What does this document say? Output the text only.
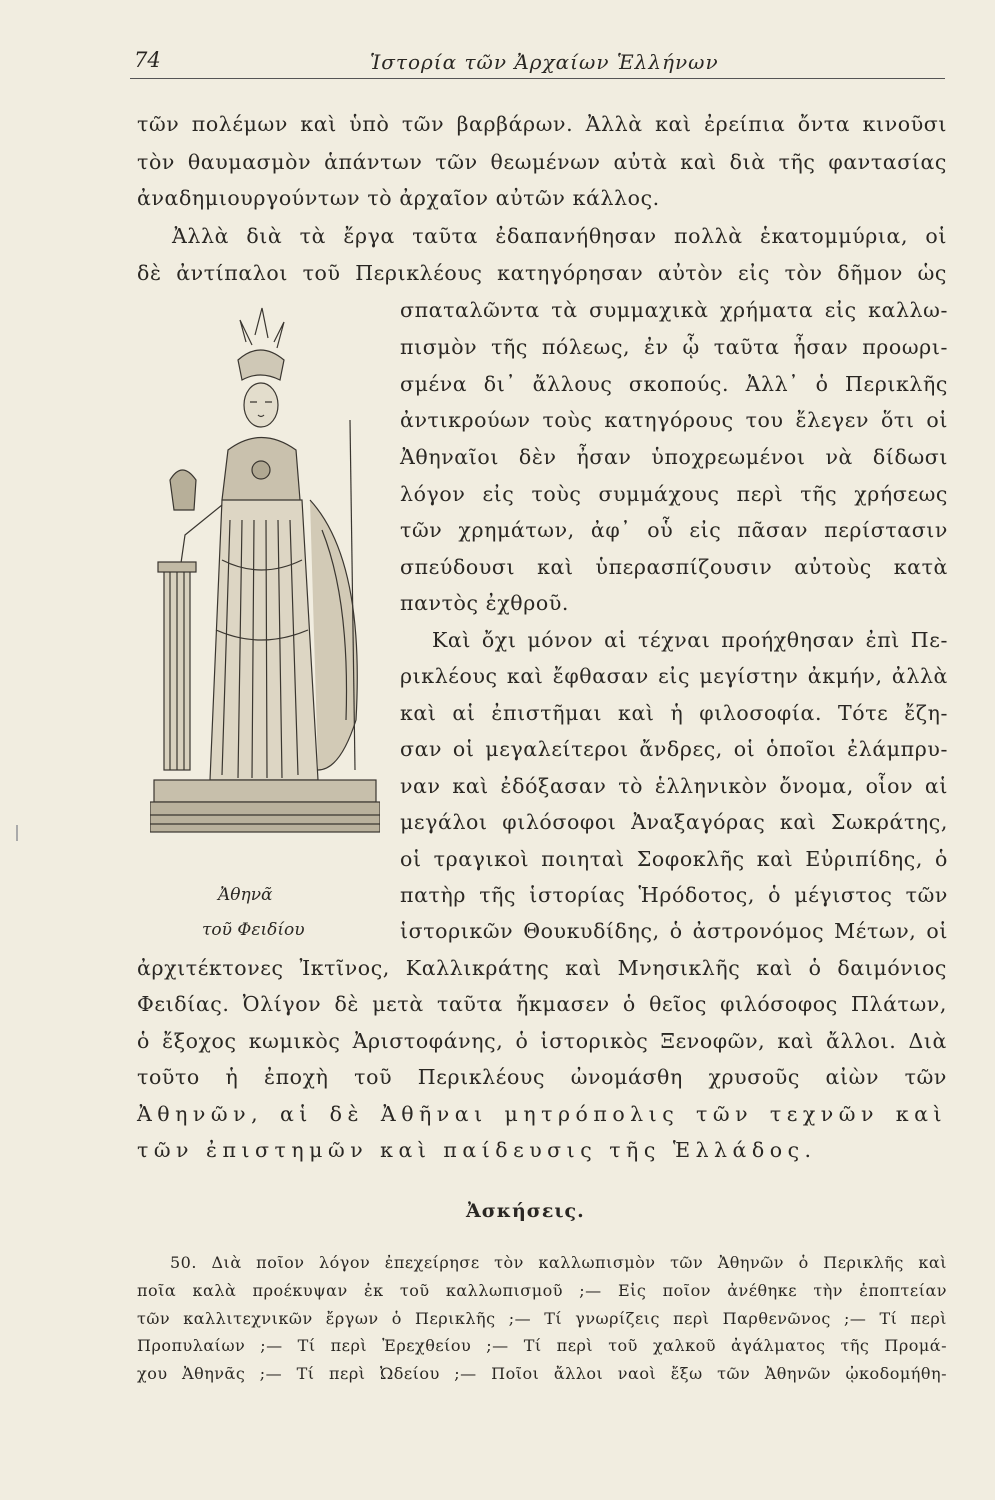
74	Ἱστορία τῶν Ἀρχαίων Ἑλλήνων
τῶν πολέμων καὶ ὑπὸ τῶν βαρβάρων. Ἀλλὰ καὶ ἐρείπια ὄντα κινοῦσι
τὸν θαυμασμὸν ἁπάντων τῶν θεωμένων αὐτὰ καὶ διὰ τῆς φαντασίας
ἀναδημιουργούντων τὸ ἀρχαῖον αὐτῶν κάλλος.
Ἀλλὰ διὰ τὰ ἔργα ταῦτα ἐδαπανήθησαν πολλὰ ἑκατομμύρια, οἱ
δὲ ἀντίπαλοι τοῦ Περικλέους κατηγόρησαν αὐτὸν εἰς τὸν δῆμον ὡς
σπαταλῶντα τὰ συμμαχικὰ χρήματα εἰς καλλω-
πισμὸν τῆς πόλεως, ἐν ᾧ ταῦτα ἦσαν προωρι-
σμένα δι᾿ ἄλλους σκοπούς. Ἀλλ᾿ ὁ Περικλῆς
ἀντικρούων τοὺς κατηγόρους του ἔλεγεν ὅτι οἱ
Ἀθηναῖοι δὲν ἦσαν ὑποχρεωμένοι νὰ δίδωσι
λόγον εἰς τοὺς συμμάχους περὶ τῆς χρήσεως
τῶν χρημάτων, ἀφ᾿ οὗ εἰς πᾶσαν περίστασιν
σπεύδουσι καὶ ὑπερασπίζουσιν αὐτοὺς κατὰ
παντὸς ἐχθροῦ.
Καὶ ὄχι μόνον αἱ τέχναι προήχθησαν ἐπὶ Πε-
ρικλέους καὶ ἔφθασαν εἰς μεγίστην ἀκμήν, ἀλλὰ
καὶ αἱ ἐπιστῆμαι καὶ ἡ φιλοσοφία. Τότε ἔζη-
σαν οἱ μεγαλείτεροι ἄνδρες, οἱ ὁποῖοι ἐλάμπρυ-
ναν καὶ ἐδόξασαν τὸ ἑλληνικὸν ὄνομα, οἷον αἱ
μεγάλοι φιλόσοφοι Ἀναξαγόρας καὶ Σωκράτης,
οἱ τραγικοὶ ποιηταὶ Σοφοκλῆς καὶ Εὐριπίδης, ὁ
πατὴρ τῆς ἱστορίας Ἡρόδοτος, ὁ μέγιστος τῶν
ἱστορικῶν Θουκυδίδης, ὁ ἀστρονόμος Μέτων, οἱ
Ἀθηνᾶ
τοῦ Φειδίου
ἀρχιτέκτονες Ἰκτῖνος, Καλλικράτης καὶ Μνησικλῆς καὶ ὁ δαιμόνιος
Φειδίας. Ὀλίγον δὲ μετὰ ταῦτα ἤκμασεν ὁ θεῖος φιλόσοφος Πλάτων,
ὁ ἔξοχος κωμικὸς Ἀριστοφάνης, ὁ ἱστορικὸς Ξενοφῶν, καὶ ἄλλοι. Διὰ
τοῦτο ἡ ἐποχὴ τοῦ Περικλέους ὠνομάσθη χρυσοῦς αἰὼν τῶν
Ἀθηνῶν, αἱ δὲ Ἀθῆναι μητρόπολις τῶν τεχνῶν καὶ
τῶν ἐπιστημῶν καὶ παίδευσις τῆς Ἑλλάδος.
Ἀσκήσεις.
50. Διὰ ποῖον λόγον ἐπεχείρησε τὸν καλλωπισμὸν τῶν Ἀθηνῶν ὁ Περικλῆς καὶ
ποῖα καλὰ προέκυψαν ἐκ τοῦ καλλωπισμοῦ ;— Εἰς ποῖον ἀνέθηκε τὴν ἐποπτείαν
τῶν καλλιτεχνικῶν ἔργων ὁ Περικλῆς ;— Τί γνωρίζεις περὶ Παρθενῶνος ;— Τί περὶ
Προπυλαίων ;— Τί περὶ Ἐρεχθείου ;— Τί περὶ τοῦ χαλκοῦ ἀγάλματος τῆς Προμά-
χου Ἀθηνᾶς ;— Τί περὶ Ὠδείου ;— Ποῖοι ἄλλοι ναοὶ ἔξω τῶν Ἀθηνῶν ᾠκοδομήθη-
